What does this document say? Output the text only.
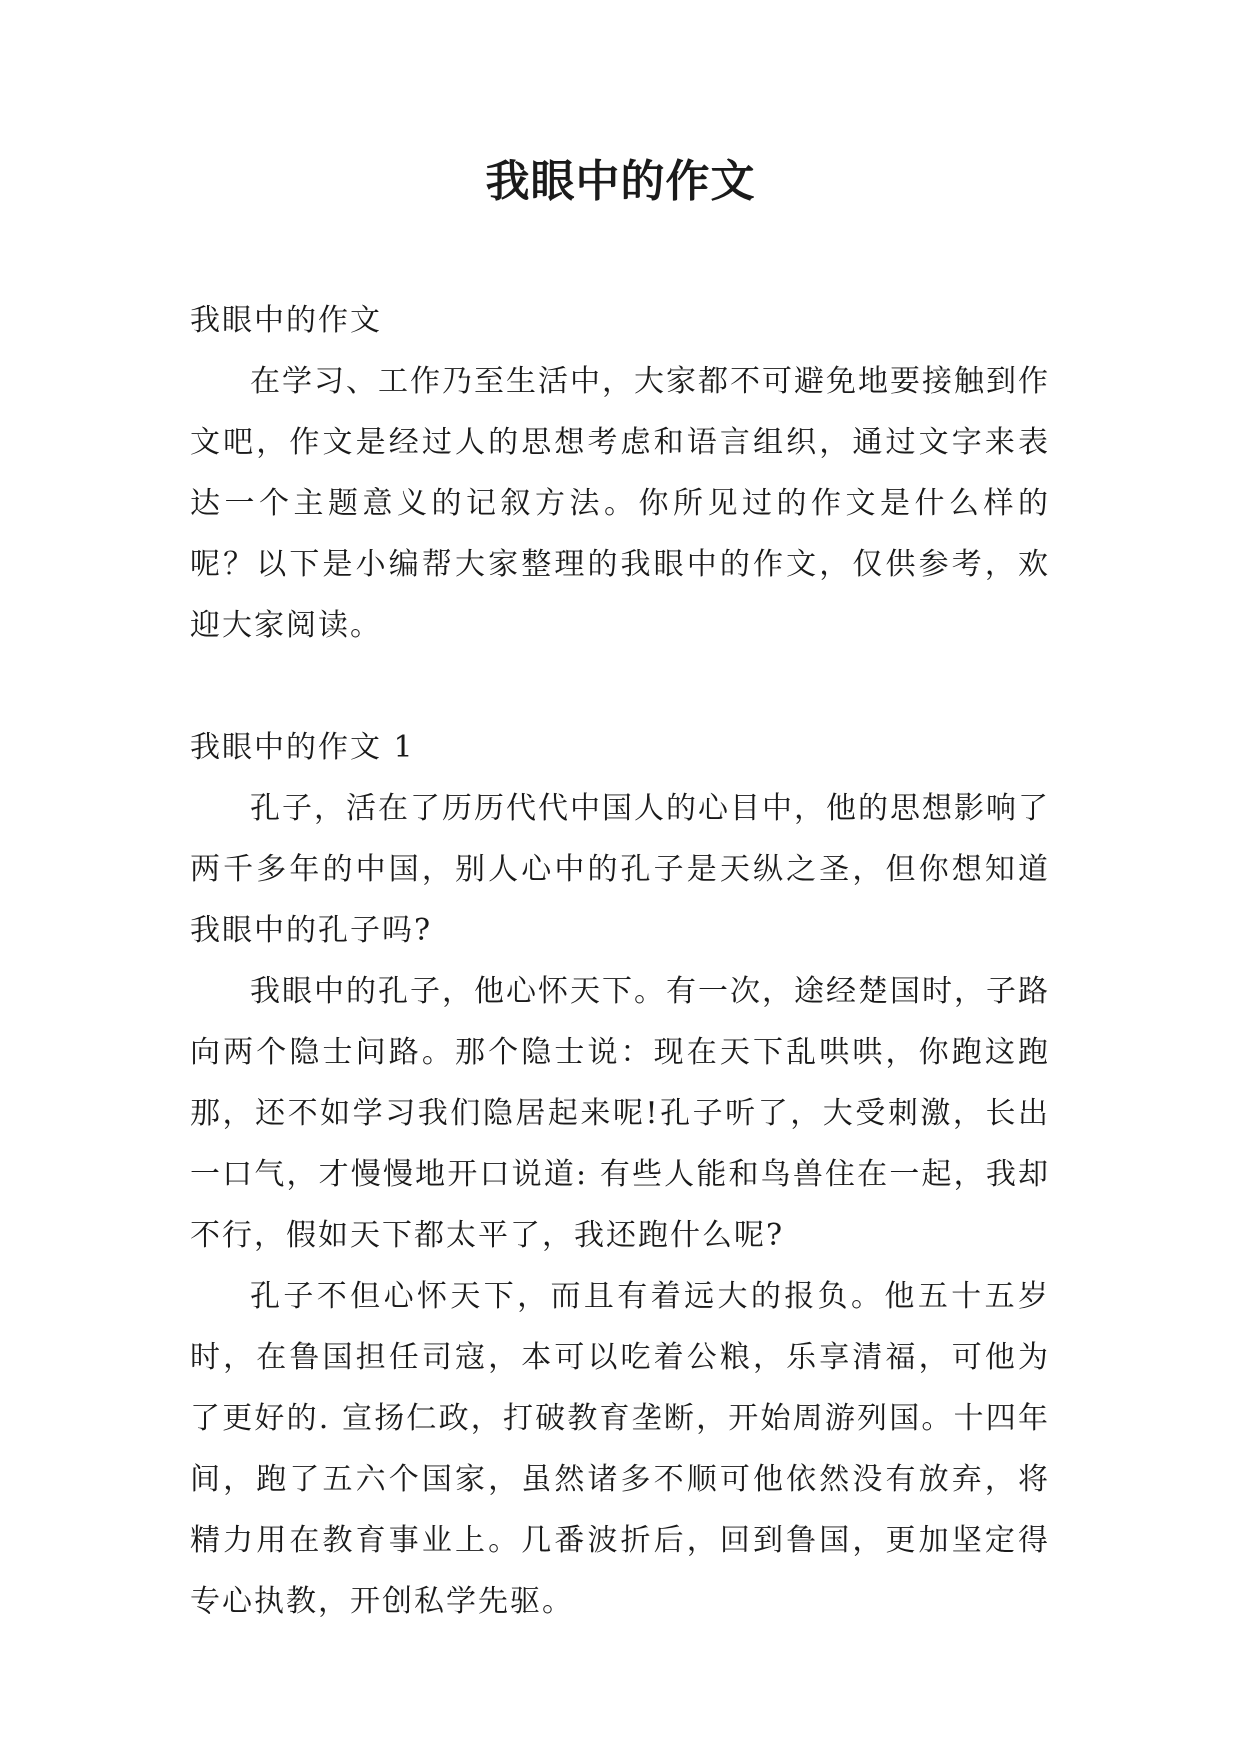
我眼中的作文

我眼中的作文

在学习、工作乃至生活中，大家都不可避免地要接触到作文吧，作文是经过人的思想考虑和语言组织，通过文字来表达一个主题意义的记叙方法。你所见过的作文是什么样的呢？以下是小编帮大家整理的我眼中的作文，仅供参考，欢迎大家阅读。

我眼中的作文 1

孔子，活在了历历代代中国人的心目中，他的思想影响了两千多年的中国，别人心中的孔子是天纵之圣，但你想知道我眼中的孔子吗?

我眼中的孔子，他心怀天下。有一次，途经楚国时，子路向两个隐士问路。那个隐士说：现在天下乱哄哄，你跑这跑那，还不如学习我们隐居起来呢!孔子听了，大受刺激，长出一口气，才慢慢地开口说道: 有些人能和鸟兽住在一起，我却不行，假如天下都太平了，我还跑什么呢?

孔子不但心怀天下，而且有着远大的报负。他五十五岁时，在鲁国担任司寇，本可以吃着公粮，乐享清福，可他为了更好的. 宣扬仁政，打破教育垄断，开始周游列国。十四年间，跑了五六个国家，虽然诸多不顺可他依然没有放弃，将精力用在教育事业上。几番波折后，回到鲁国，更加坚定得专心执教，开创私学先驱。
